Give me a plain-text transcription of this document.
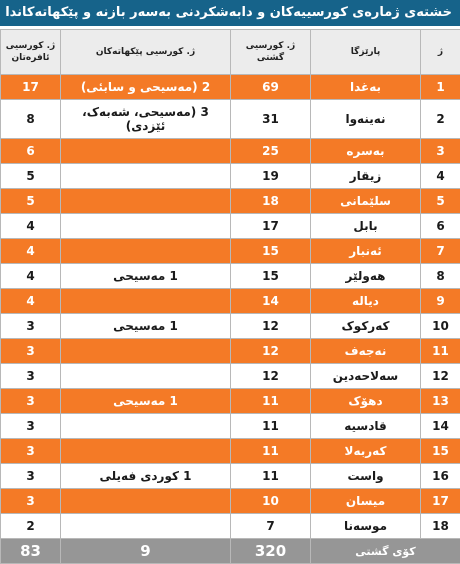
خشتەی ژمارەی کورسییەکان و دابەشکردنی بەسەر بازنە و پێکهاتەکاندا
ژ	پارێزگا	ژ. کورسیی گشتی	ژ. کورسیی پێکهاتەکان	ژ. کورسیی ئافرەتان
1	بەغدا	69	2 (مەسیحی و سابئی)	17
2	نەینەوا	31	3 (مەسیحی، شەبەک، ئێزدی)	8
3	بەسرە	25		6
4	زیقار	19		5
5	سلێمانی	18		5
6	بابل	17		4
7	ئەنبار	15		4
8	هەولێر	15	1 مەسیحی	4
9	دیالە	14		4
10	کەرکوک	12	1 مەسیحی	3
11	نەجەف	12		3
12	سەلاحەدین	12		3
13	دهۆک	11	1 مەسیحی	3
14	قادسیە	11		3
15	کەربەلا	11		3
16	واست	11	1 کوردی فەیلی	3
17	میسان	10		3
18	موسەنا	7		2
کۆی گشتی		320	9	83
